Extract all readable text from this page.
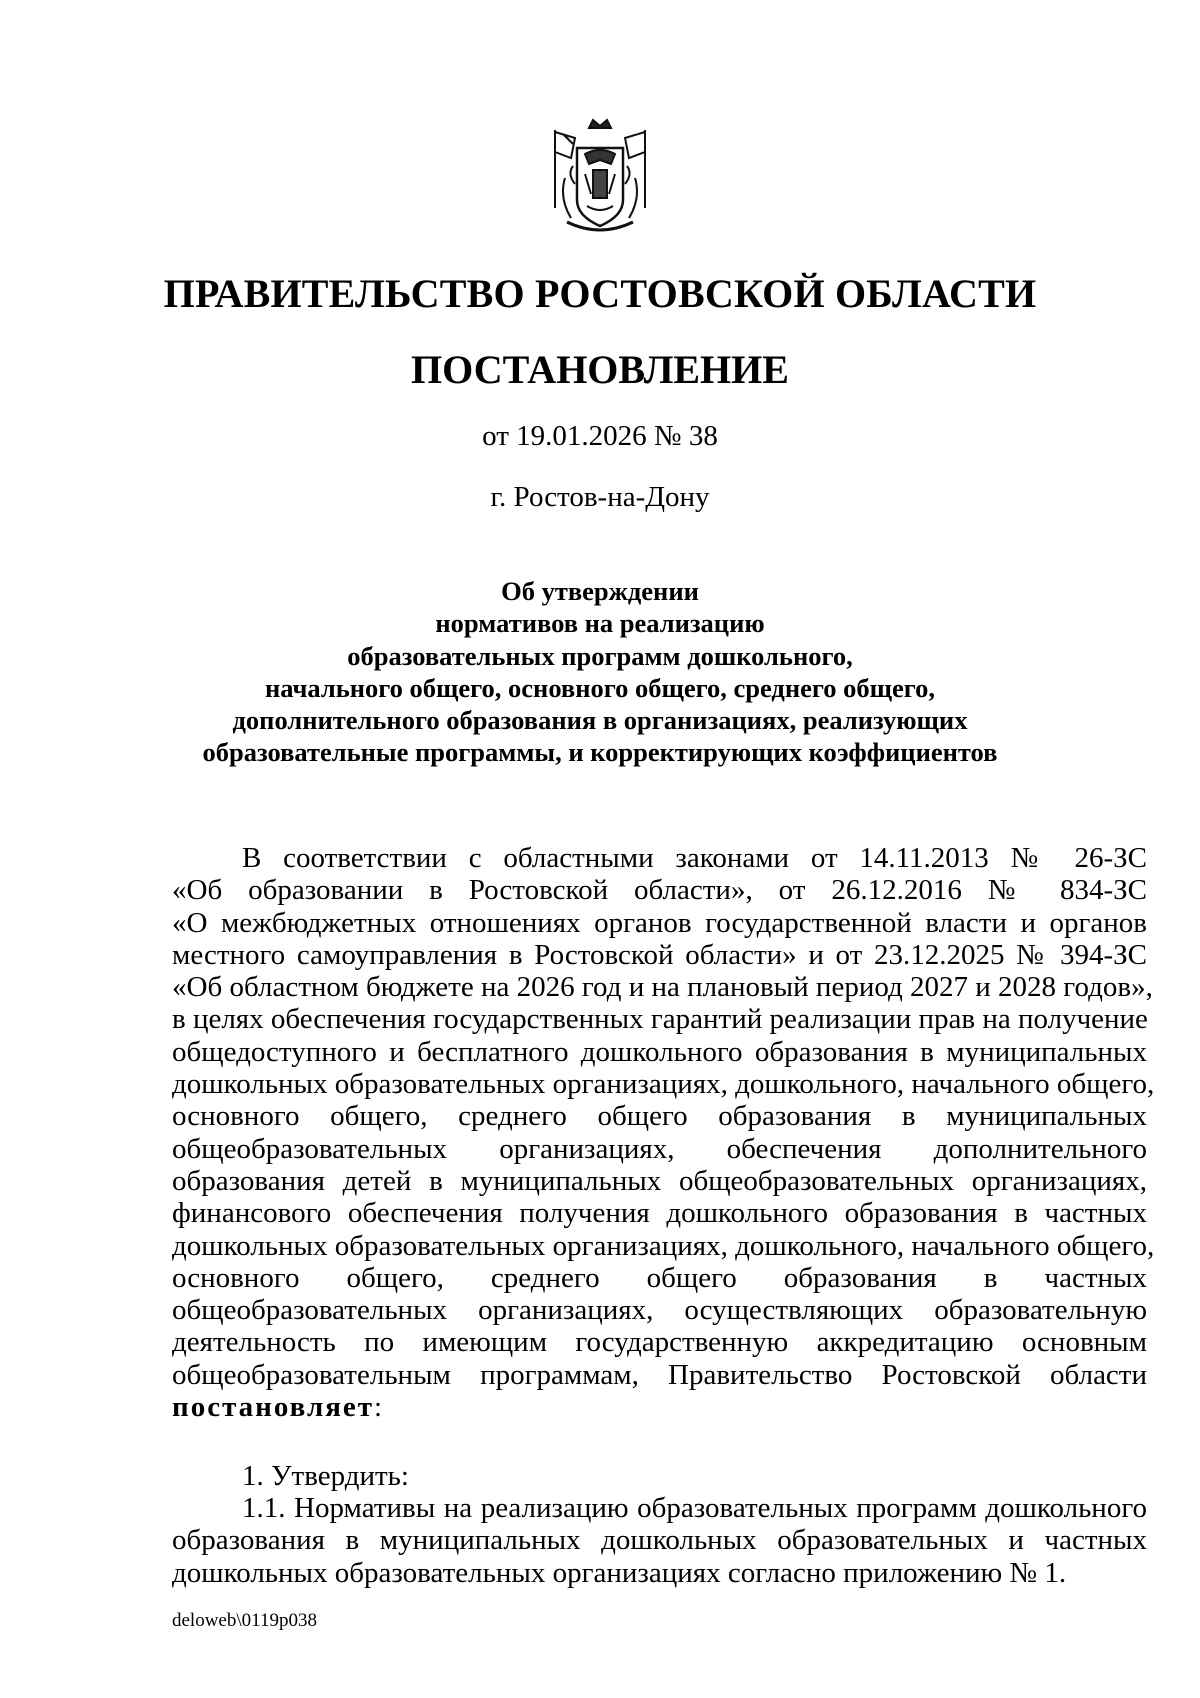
ПРАВИТЕЛЬСТВО РОСТОВСКОЙ ОБЛАСТИ
ПОСТАНОВЛЕНИЕ
от 19.01.2026 № 38
г. Ростов-на-Дону
Об утверждении
нормативов на реализацию
образовательных программ дошкольного,
начального общего, основного общего, среднего общего,
дополнительного образования в организациях, реализующих
образовательные программы, и корректирующих коэффициентов
В соответствии с областными законами от 14.11.2013 № 26-ЗС
«Об образовании в Ростовской области», от 26.12.2016 № 834-ЗС
«О межбюджетных отношениях органов государственной власти и органов
местного самоуправления в Ростовской области» и от 23.12.2025 № 394-ЗС
«Об областном бюджете на 2026 год и на плановый период 2027 и 2028 годов»,
в целях обеспечения государственных гарантий реализации прав на получение
общедоступного и бесплатного дошкольного образования в муниципальных
дошкольных образовательных организациях, дошкольного, начального общего,
основного общего, среднего общего образования в муниципальных
общеобразовательных организациях, обеспечения дополнительного
образования детей в муниципальных общеобразовательных организациях,
финансового обеспечения получения дошкольного образования в частных
дошкольных образовательных организациях, дошкольного, начального общего,
основного общего, среднего общего образования в частных
общеобразовательных организациях, осуществляющих образовательную
деятельность по имеющим государственную аккредитацию основным
общеобразовательным программам, Правительство Ростовской области
постановляет:
1. Утвердить:
1.1. Нормативы на реализацию образовательных программ дошкольного
образования в муниципальных дошкольных образовательных и частных
дошкольных образовательных организациях согласно приложению № 1.
deloweb\0119p038
